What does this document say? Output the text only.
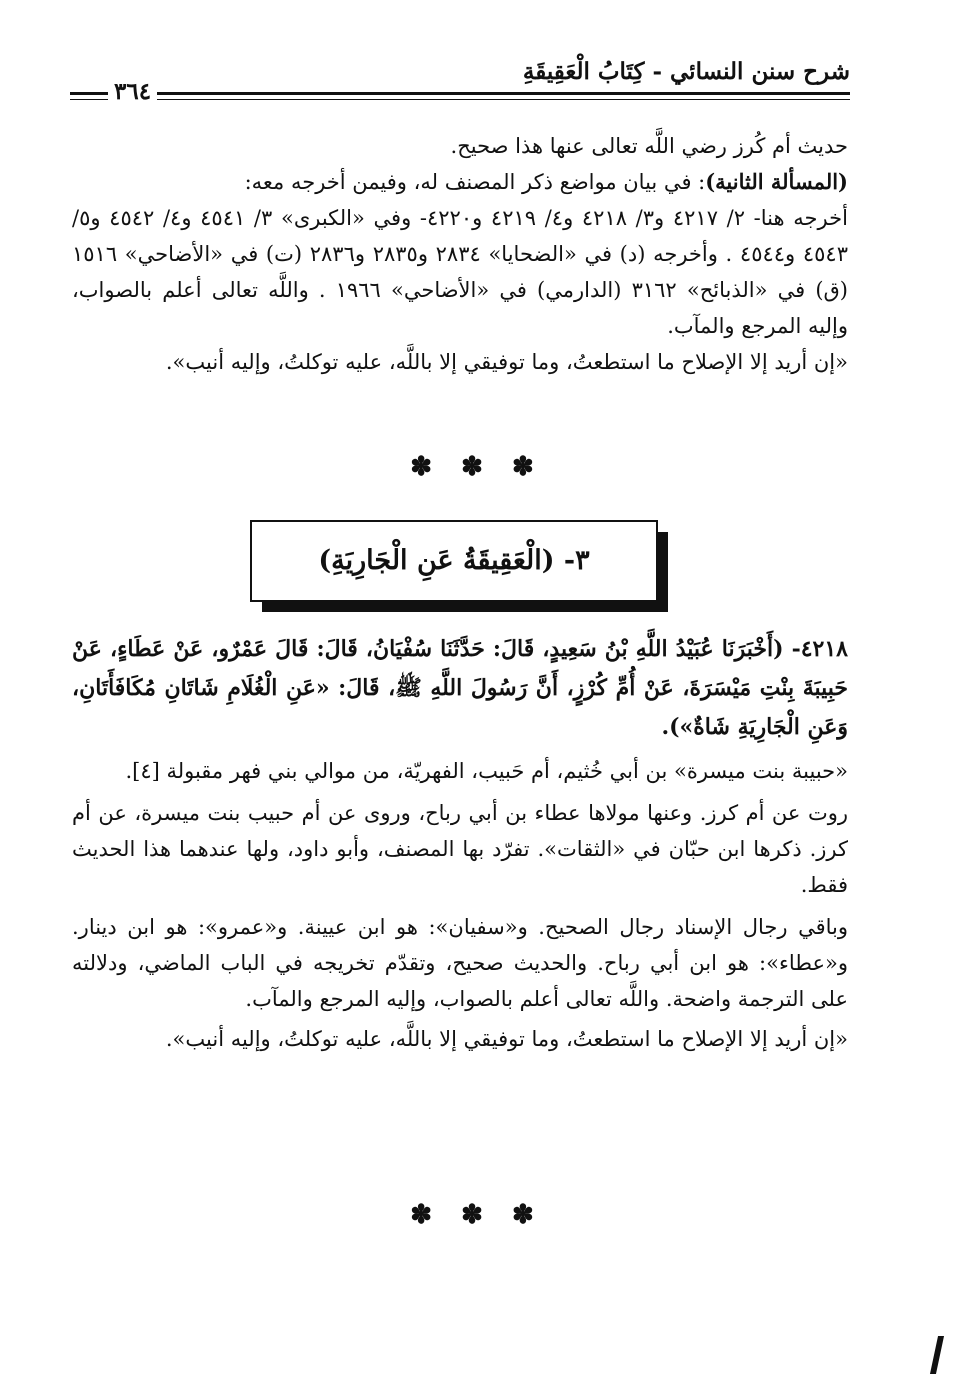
شرح سنن النسائي - كِتَابُ الْعَقِيقَةِ
٣٦٤

حديث أم كُرز رضي اللَّه تعالى عنها هذا صحيح.

(المسألة الثانية): في بيان مواضع ذكر المصنف له، وفيمن أخرجه معه:

أخرجه هنا- ٢/ ٤٢١٧ و٣/ ٤٢١٨ و٤/ ٤٢١٩ و٤٢٢٠- وفي «الكبرى» ٣/ ٤٥٤١ و٤/ ٤٥٤٢ و٥/ ٤٥٤٣ و٤٥٤٤ . وأخرجه (د) في «الضحايا» ٢٨٣٤ و٢٨٣٥ و٢٨٣٦ (ت) في «الأضاحي» ١٥١٦ (ق) في «الذبائح» ٣١٦٢ (الدارمي) في «الأضاحي» ١٩٦٦ . واللَّه تعالى أعلم بالصواب، وإليه المرجع والمآب.

«إن أريد إلا الإصلاح ما استطعتُ، وما توفيقي إلا باللَّه، عليه توكلتُ، وإليه أنيب».

✽ ✽ ✽
٣- (الْعَقِيقَةُ عَنِ الْجَارِيَةِ)

٤٢١٨- (أَخْبَرَنَا عُبَيْدُ اللَّهِ بْنُ سَعِيدٍ، قَالَ: حَدَّثَنَا سُفْيَانُ، قَالَ: قَالَ عَمْرٌو، عَنْ عَطَاءٍ، عَنْ حَبِيبَةَ بِنْتِ مَيْسَرَةَ، عَنْ أُمِّ كُرْزٍ، أَنَّ رَسُولَ اللَّهِ ﷺ، قَالَ: «عَنِ الْغُلَامِ شَاتَانِ مُكَافَأَتَانِ، وَعَنِ الْجَارِيَةِ شَاةٌ»).

«حبيبة بنت ميسرة» بن أبي خُثيم، أم حَبيب، الفهريّة، من موالي بني فهر مقبولة [٤].

روت عن أم كرز. وعنها مولاها عطاء بن أبي رباح، وروى عن أم حبيب بنت ميسرة، عن أم كرز. ذكرها ابن حبّان في «الثقات». تفرّد بها المصنف، وأبو داود، ولها عندهما هذا الحديث فقط.

وباقي رجال الإسناد رجال الصحيح. و«سفيان»: هو ابن عيينة. و«عمرو»: هو ابن دينار. و«عطاء»: هو ابن أبي رباح. والحديث صحيح، وتقدّم تخريجه في الباب الماضي، ودلالته على الترجمة واضحة. واللَّه تعالى أعلم بالصواب، وإليه المرجع والمآب.

«إن أريد إلا الإصلاح ما استطعتُ، وما توفيقي إلا باللَّه، عليه توكلتُ، وإليه أنيب».

✽ ✽ ✽
